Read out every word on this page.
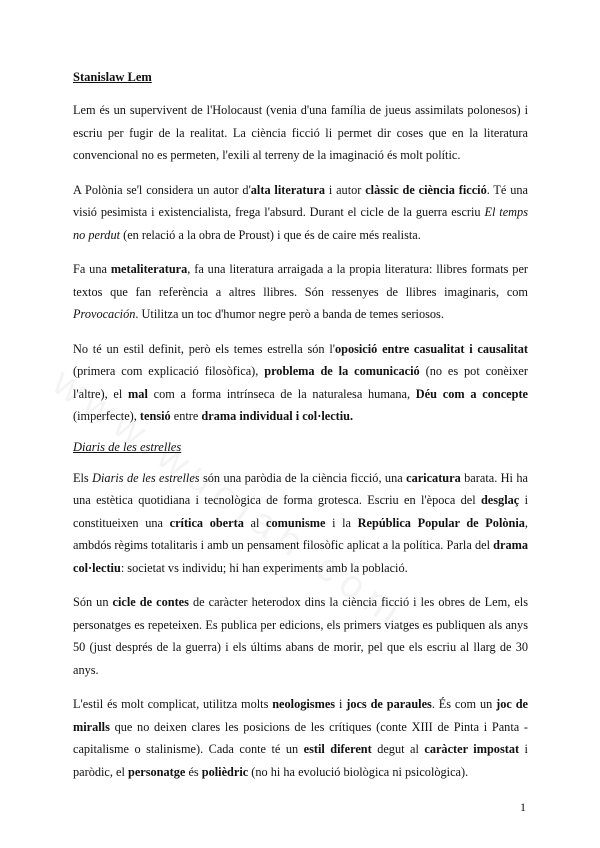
Stanislaw Lem

Lem és un supervivent de l'Holocaust (venia d'una família de jueus assimilats polonesos) i escriu per fugir de la realitat. La ciència ficció li permet dir coses que en la literatura convencional no es permeten, l'exili al terreny de la imaginació és molt polític.

A Polònia se'l considera un autor d'alta literatura i autor clàssic de ciència ficció. Té una visió pesimista i existencialista, frega l'absurd. Durant el cicle de la guerra escriu El temps no perdut (en relació a la obra de Proust) i que és de caire més realista.

Fa una metaliteratura, fa una literatura arraigada a la propia literatura: llibres formats per textos que fan referència a altres llibres. Són ressenyes de llibres imaginaris, com Provocación. Utilitza un toc d'humor negre però a banda de temes seriosos.

No té un estil definit, però els temes estrella són l'oposició entre casualitat i causalitat (primera com explicació filosòfica), problema de la comunicació (no es pot conèixer l'altre), el mal com a forma intrínseca de la naturalesa humana, Déu com a concepte (imperfecte), tensió entre drama individual i col·lectiu.

Diaris de les estrelles

Els Diaris de les estrelles són una paròdia de la ciència ficció, una caricatura barata. Hi ha una estètica quotidiana i tecnològica de forma grotesca. Escriu en l'època del desglaç i constitueixen una crítica oberta al comunisme i la República Popular de Polònia, ambdós règims totalitaris i amb un pensament filosòfic aplicat a la política. Parla del drama col·lectiu: societat vs individu; hi han experiments amb la població.

Són un cicle de contes de caràcter heterodox dins la ciència ficció i les obres de Lem, els personatges es repeteixen. Es publica per edicions, els primers viatges es publiquen als anys 50 (just després de la guerra) i els últims abans de morir, pel que els escriu al llarg de 30 anys.

L'estil és molt complicat, utilitza molts neologismes i jocs de paraules. És com un joc de miralls que no deixen clares les posicions de les crítiques (conte XIII de Pinta i Panta - capitalisme o stalinisme). Cada conte té un estil diferent degut al caràcter impostat i paròdic, el personatge és polièdric (no hi ha evolució biològica ni psicològica).

1
